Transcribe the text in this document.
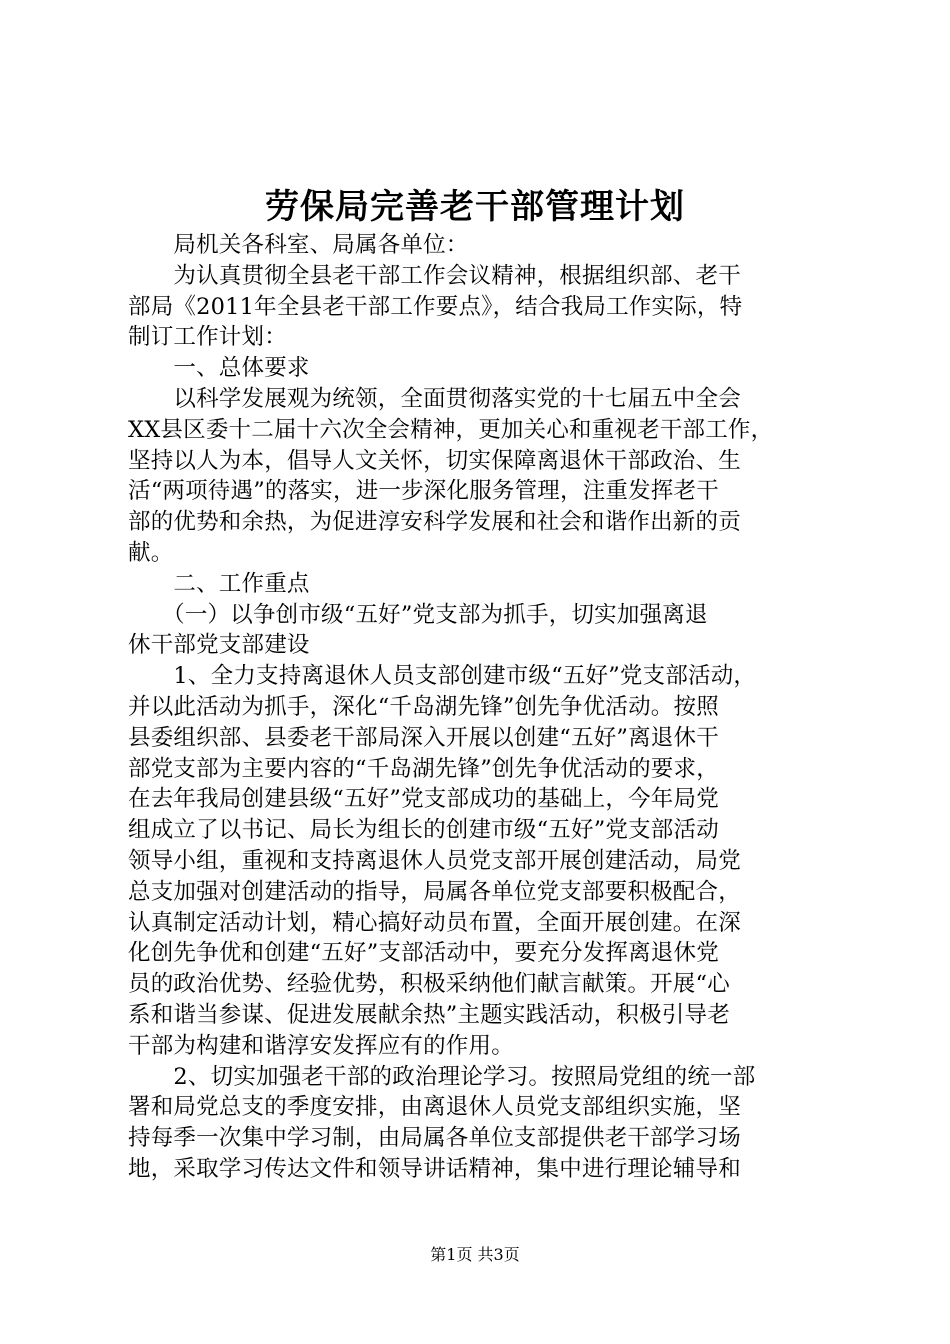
劳保局完善老干部管理计划
　　局机关各科室、局属各单位：
　　为认真贯彻全县老干部工作会议精神，根据组织部、老干
部局《2011年全县老干部工作要点》，结合我局工作实际，特
制订工作计划：
　　一、总体要求
　　以科学发展观为统领，全面贯彻落实党的十七届五中全会
XX县区委十二届十六次全会精神，更加关心和重视老干部工作，
坚持以人为本，倡导人文关怀，切实保障离退休干部政治、生
活“两项待遇”的落实，进一步深化服务管理，注重发挥老干
部的优势和余热，为促进淳安科学发展和社会和谐作出新的贡
献。
　　二、工作重点
　　（一）以争创市级“五好”党支部为抓手，切实加强离退
休干部党支部建设
　　1、全力支持离退休人员支部创建市级“五好”党支部活动，
并以此活动为抓手，深化“千岛湖先锋”创先争优活动。按照
县委组织部、县委老干部局深入开展以创建“五好”离退休干
部党支部为主要内容的“千岛湖先锋”创先争优活动的要求，
在去年我局创建县级“五好”党支部成功的基础上，今年局党
组成立了以书记、局长为组长的创建市级“五好”党支部活动
领导小组，重视和支持离退休人员党支部开展创建活动，局党
总支加强对创建活动的指导，局属各单位党支部要积极配合，
认真制定活动计划，精心搞好动员布置，全面开展创建。在深
化创先争优和创建“五好”支部活动中，要充分发挥离退休党
员的政治优势、经验优势，积极采纳他们献言献策。开展“心
系和谐当参谋、促进发展献余热”主题实践活动，积极引导老
干部为构建和谐淳安发挥应有的作用。
　　2、切实加强老干部的政治理论学习。按照局党组的统一部
署和局党总支的季度安排，由离退休人员党支部组织实施，坚
持每季一次集中学习制，由局属各单位支部提供老干部学习场
地，采取学习传达文件和领导讲话精神，集中进行理论辅导和
第1页 共3页
